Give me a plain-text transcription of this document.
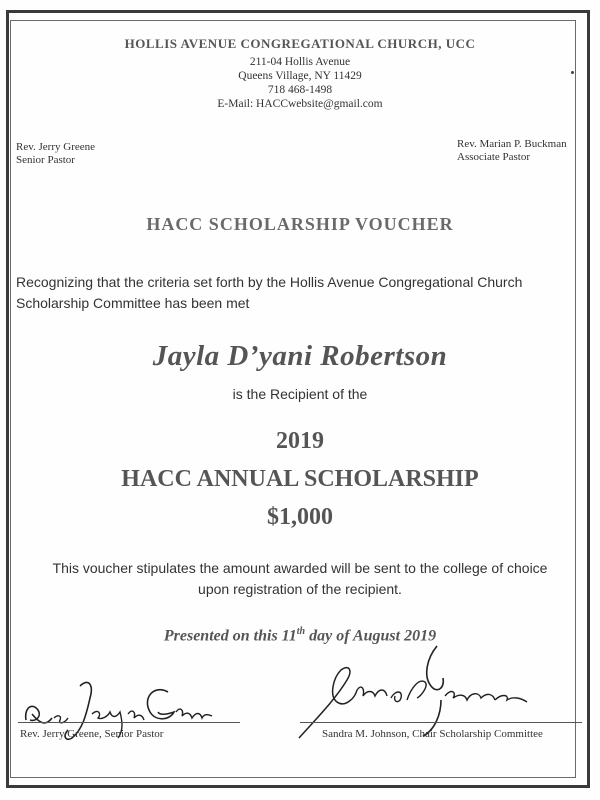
HOLLIS AVENUE CONGREGATIONAL CHURCH, UCC
211-04 Hollis Avenue
Queens Village, NY 11429
718 468-1498
E-Mail: HACCwebsite@gmail.com
Rev. Jerry Greene
Senior Pastor
Rev. Marian P. Buckman
Associate Pastor
HACC SCHOLARSHIP VOUCHER
Recognizing that the criteria set forth by the Hollis Avenue Congregational Church
Scholarship Committee has been met
Jayla D’yani Robertson
is the Recipient of the
2019
HACC ANNUAL SCHOLARSHIP
$1,000
This voucher stipulates the amount awarded will be sent to the college of choice
upon registration of the recipient.
Presented on this 11th day of August 2019
Rev. Jerry Greene, Senior Pastor	Sandra M. Johnson, Chair Scholarship Committee
